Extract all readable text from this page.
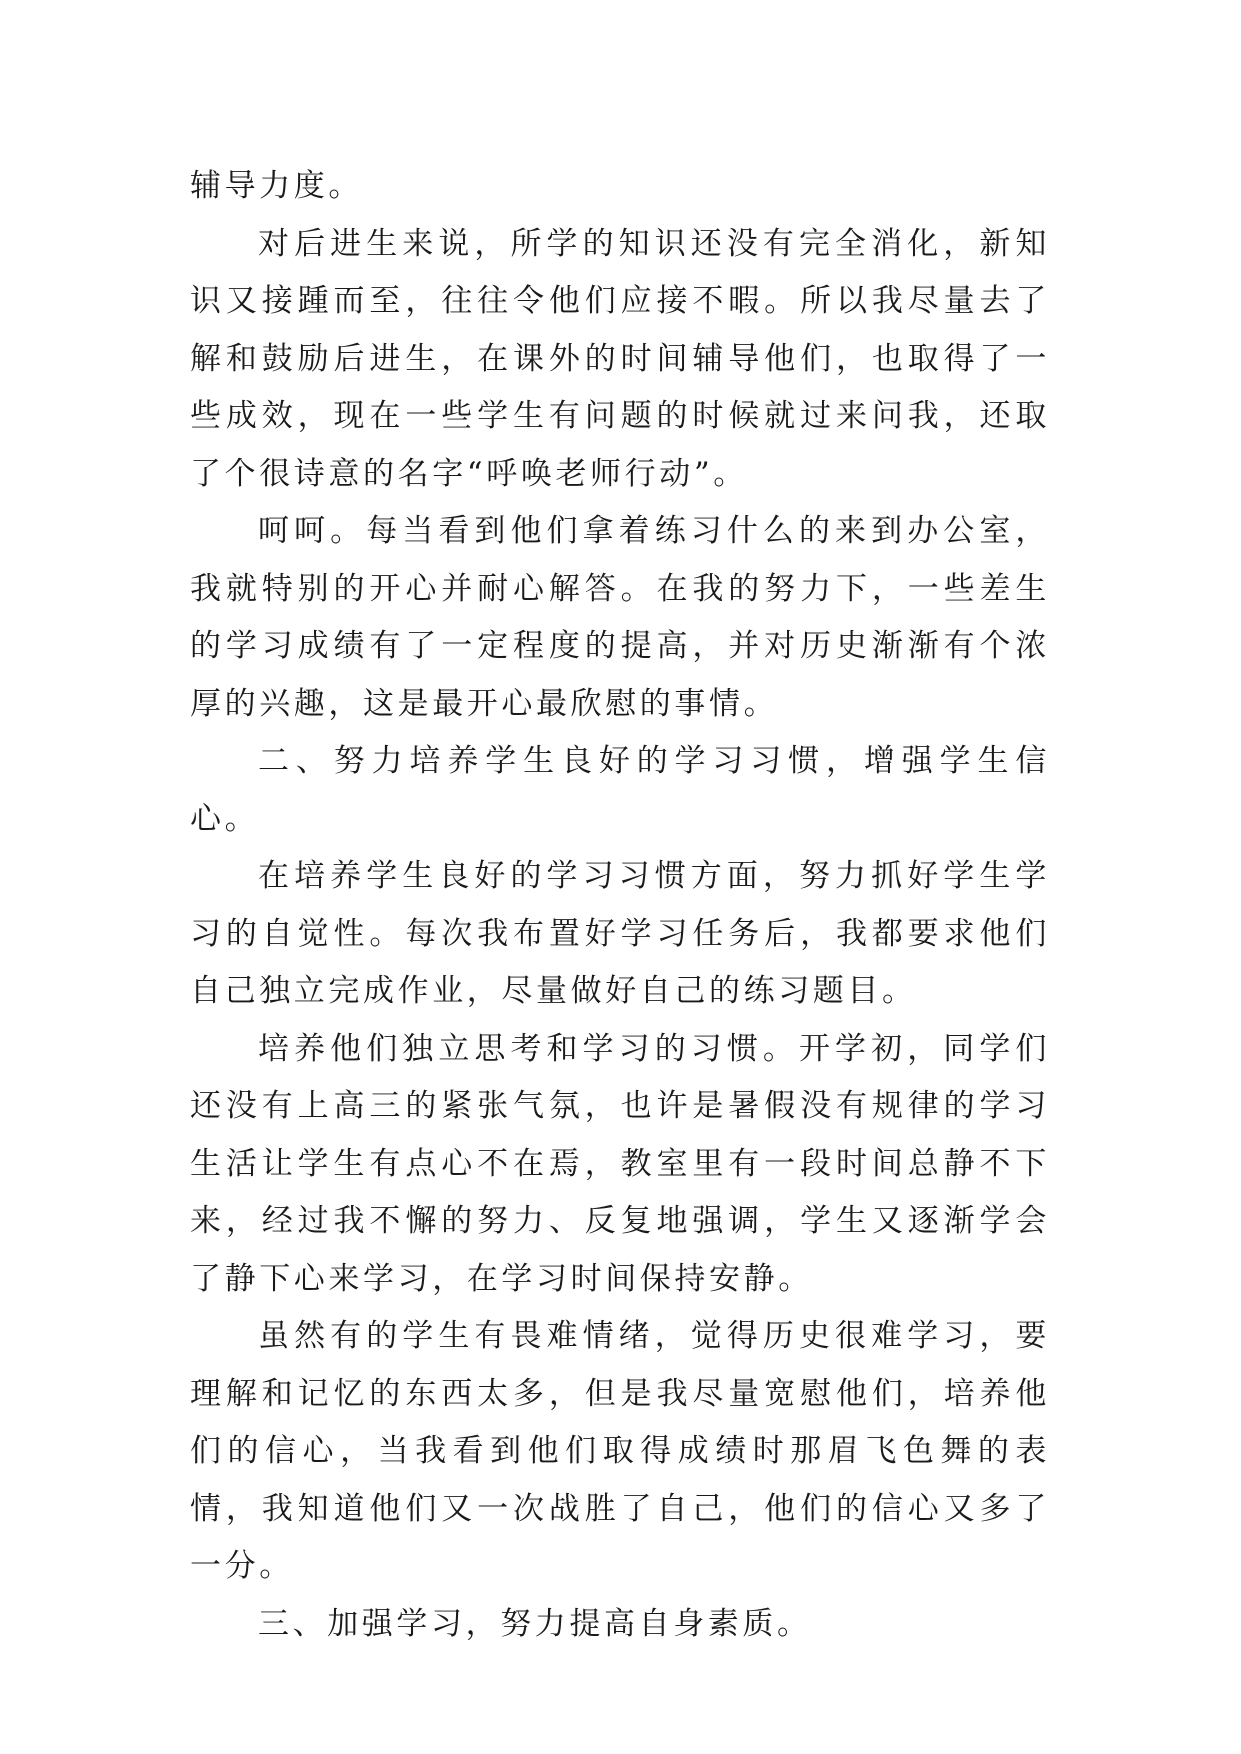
辅导力度。

对后进生来说，所学的知识还没有完全消化，新知识又接踵而至，往往令他们应接不暇。所以我尽量去了解和鼓励后进生，在课外的时间辅导他们，也取得了一些成效，现在一些学生有问题的时候就过来问我，还取了个很诗意的名字“呼唤老师行动”。

呵呵。每当看到他们拿着练习什么的来到办公室，我就特别的开心并耐心解答。在我的努力下，一些差生的学习成绩有了一定程度的提高，并对历史渐渐有个浓厚的兴趣，这是最开心最欣慰的事情。

二、努力培养学生良好的学习习惯，增强学生信心。

在培养学生良好的学习习惯方面，努力抓好学生学习的自觉性。每次我布置好学习任务后，我都要求他们自己独立完成作业，尽量做好自己的练习题目。

培养他们独立思考和学习的习惯。开学初，同学们还没有上高三的紧张气氛，也许是暑假没有规律的学习生活让学生有点心不在焉，教室里有一段时间总静不下来，经过我不懈的努力、反复地强调，学生又逐渐学会了静下心来学习，在学习时间保持安静。

虽然有的学生有畏难情绪，觉得历史很难学习，要理解和记忆的东西太多，但是我尽量宽慰他们，培养他们的信心，当我看到他们取得成绩时那眉飞色舞的表情，我知道他们又一次战胜了自己，他们的信心又多了一分。

三、加强学习，努力提高自身素质。
